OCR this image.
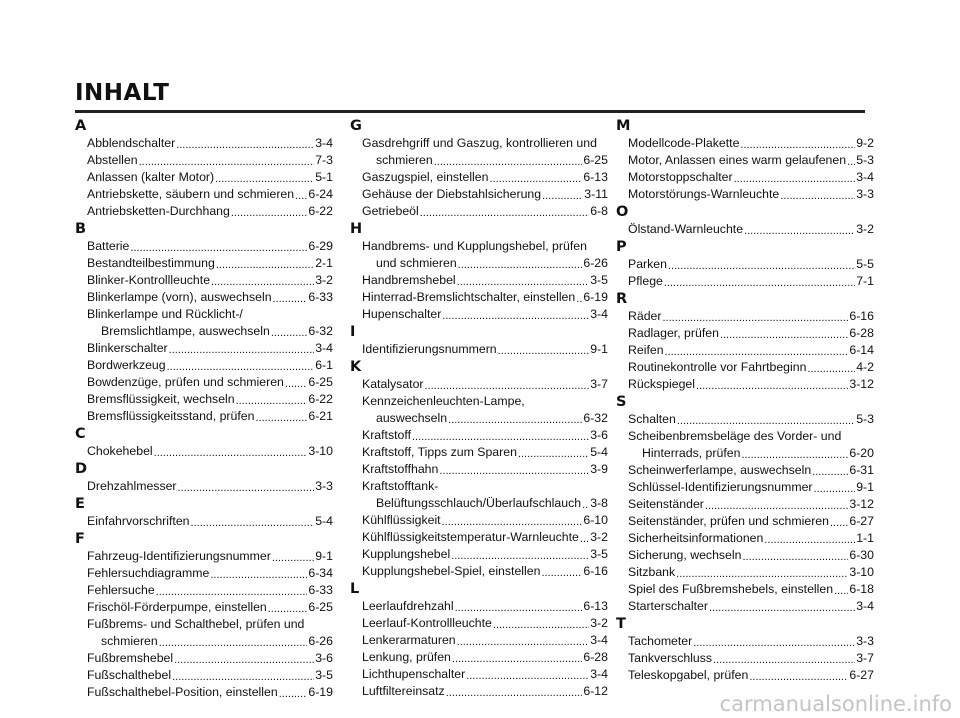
INHALT
A
Abblendschalter .....	3-4
Abstellen .....	7-3
Anlassen (kalter Motor) .....	5-1
Antriebskette, säubern und schmieren ..... 6-24
Antriebsketten-Durchhang .....	6-22
B
Batterie .....	6-29
Bestandteilbestimmung .....	2-1
Blinker-Kontrollleuchte .....	3-2
Blinkerlampe (vorn), auswechseln .....	6-33
Blinkerlampe und Rücklicht-/
Bremslichtlampe, auswechseln .....	6-32
Blinkerschalter .....	3-4
Bordwerkzeug .....	6-1
Bowdenzüge, prüfen und schmieren ..... 6-25
Bremsflüssigkeit, wechseln .....	6-22
Bremsflüssigkeitsstand, prüfen .....	6-21
C
Chokehebel .....	3-10
D
Drehzahlmesser .....	3-3
E
Einfahrvorschriften .....	5-4
F
Fahrzeug-Identifizierungsnummer .....	9-1
Fehlersuchdiagramme .....	6-34
Fehlersuche .....	6-33
Frischöl-Förderpumpe, einstellen .....	6-25
Fußbrems- und Schalthebel, prüfen und
schmieren .....	6-26
Fußbremshebel .....	3-6
Fußschalthebel .....	3-5
Fußschalthebel-Position, einstellen ..... 6-19
G
Gasdrehgriff und Gaszug, kontrollieren und
schmieren .....	6-25
Gaszugspiel, einstellen .....	6-13
Gehäuse der Diebstahlsicherung .....	3-11
Getriebeöl .....	6-8
H
Handbrems- und Kupplungshebel, prüfen
und schmieren .....	6-26
Handbremshebel .....	3-5
Hinterrad-Bremslichtschalter, einstellen ..... 6-19
Hupenschalter .....	3-4
I
Identifizierungsnummern .....	9-1
K
Katalysator .....	3-7
Kennzeichenleuchten-Lampe,
auswechseln .....	6-32
Kraftstoff .....	3-6
Kraftstoff, Tipps zum Sparen .....	5-4
Kraftstoffhahn .....	3-9
Kraftstofftank-
Belüftungsschlauch/Überlaufschlauch ..... 3-8
Kühlflüssigkeit .....	6-10
Kühlflüssigkeitstemperatur-Warnleuchte ..... 3-2
Kupplungshebel .....	3-5
Kupplungshebel-Spiel, einstellen .....	6-16
L
Leerlaufdrehzahl .....	6-13
Leerlauf-Kontrollleuchte .....	3-2
Lenkerarmaturen .....	3-4
Lenkung, prüfen .....	6-28
Lichthupenschalter .....	3-4
Luftfiltereinsatz .....	6-12
M
Modellcode-Plakette .....	9-2
Motor, Anlassen eines warm gelaufenen ..... 5-3
Motorstoppschalter .....	3-4
Motorstörungs-Warnleuchte .....	3-3
O
Ölstand-Warnleuchte .....	3-2
P
Parken .....	5-5
Pflege .....	7-1
R
Räder .....	6-16
Radlager, prüfen .....	6-28
Reifen .....	6-14
Routinekontrolle vor Fahrtbeginn .....	4-2
Rückspiegel .....	3-12
S
Schalten .....	5-3
Scheibenbremsbeläge des Vorder- und
Hinterrads, prüfen .....	6-20
Scheinwerferlampe, auswechseln .....	6-31
Schlüssel-Identifizierungsnummer .....	9-1
Seitenständer .....	3-12
Seitenständer, prüfen und schmieren ..... 6-27
Sicherheitsinformationen .....	1-1
Sicherung, wechseln .....	6-30
Sitzbank .....	3-10
Spiel des Fußbremshebels, einstellen ..... 6-18
Starterschalter .....	3-4
T
Tachometer .....	3-3
Tankverschluss .....	3-7
Teleskopgabel, prüfen .....	6-27
carmanualsonline.info
